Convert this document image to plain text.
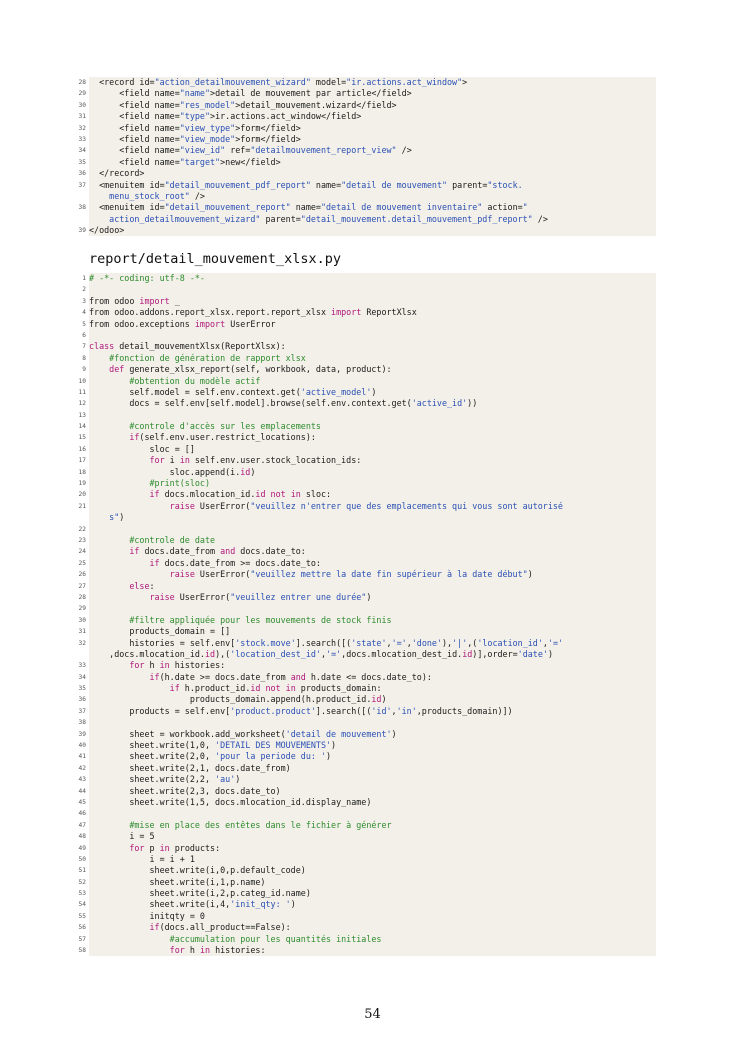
28 <record id="action_detailmouvement_wizard" model="ir.actions.act_window">
29 <field name="name">detail de mouvement par article</field>
30 <field name="res_model">detail_mouvement.wizard</field>
31 <field name="type">ir.actions.act_window</field>
32 <field name="view_type">form</field>
33 <field name="view_mode">form</field>
34 <field name="view_id" ref="detailmouvement_report_view" />
35 <field name="target">new</field>
36 </record>
37 <menuitem id="detail_mouvement_pdf_report" name="detail de mouvement" parent="stock.
menu_stock_root" />
38 <menuitem id="detail_mouvement_report" name="detail de mouvement inventaire" action="
action_detailmouvement_wizard" parent="detail_mouvement.detail_mouvement_pdf_report" />
39 </odoo>
report/detail_mouvement_xlsx.py
1 # -*- coding: utf-8 -*-
2
3 from odoo import _
4 from odoo.addons.report_xlsx.report.report_xlsx import ReportXlsx
5 from odoo.exceptions import UserError
6
7 class detail_mouvementXlsx(ReportXlsx):
8 #fonction de génération de rapport xlsx
9 def generate_xlsx_report(self, workbook, data, product):
10 #obtention du modèle actif
11 self.model = self.env.context.get('active_model')
12 docs = self.env[self.model].browse(self.env.context.get('active_id'))
13
14 #controle d'accès sur les emplacements
15 if(self.env.user.restrict_locations):
16 sloc = []
17 for i in self.env.user.stock_location_ids:
18 sloc.append(i.id)
19 #print(sloc)
20 if docs.mlocation_id.id not in sloc:
21 raise UserError("veuillez n'entrer que des emplacements qui vous sont autorisé
s")
22
23 #controle de date
24 if docs.date_from and docs.date_to:
25 if docs.date_from >= docs.date_to:
26 raise UserError("veuillez mettre la date fin supérieur à la date début")
27 else:
28 raise UserError("veuillez entrer une durée")
29
30 #filtre appliquée pour les mouvements de stock finis
31 products_domain = []
32 histories = self.env['stock.move'].search([('state','=','done'),'|',('location_id','='
,docs.mlocation_id.id),('location_dest_id','=',docs.mlocation_dest_id.id)],order='date')
33 for h in histories:
34 if(h.date >= docs.date_from and h.date <= docs.date_to):
35 if h.product_id.id not in products_domain:
36 products_domain.append(h.product_id.id)
37 products = self.env['product.product'].search([('id','in',products_domain)])
38
39 sheet = workbook.add_worksheet('detail de mouvement')
40 sheet.write(1,0, 'DETAIL DES MOUVEMENTS')
41 sheet.write(2,0, 'pour la periode du: ')
42 sheet.write(2,1, docs.date_from)
43 sheet.write(2,2, 'au')
44 sheet.write(2,3, docs.date_to)
45 sheet.write(1,5, docs.mlocation_id.display_name)
46
47 #mise en place des entêtes dans le fichier à générer
48 i = 5
49 for p in products:
50 i = i + 1
51 sheet.write(i,0,p.default_code)
52 sheet.write(i,1,p.name)
53 sheet.write(i,2,p.categ_id.name)
54 sheet.write(i,4,'init_qty: ')
55 initqty = 0
56 if(docs.all_product==False):
57 #accumulation pour les quantités initiales
58 for h in histories:
54
